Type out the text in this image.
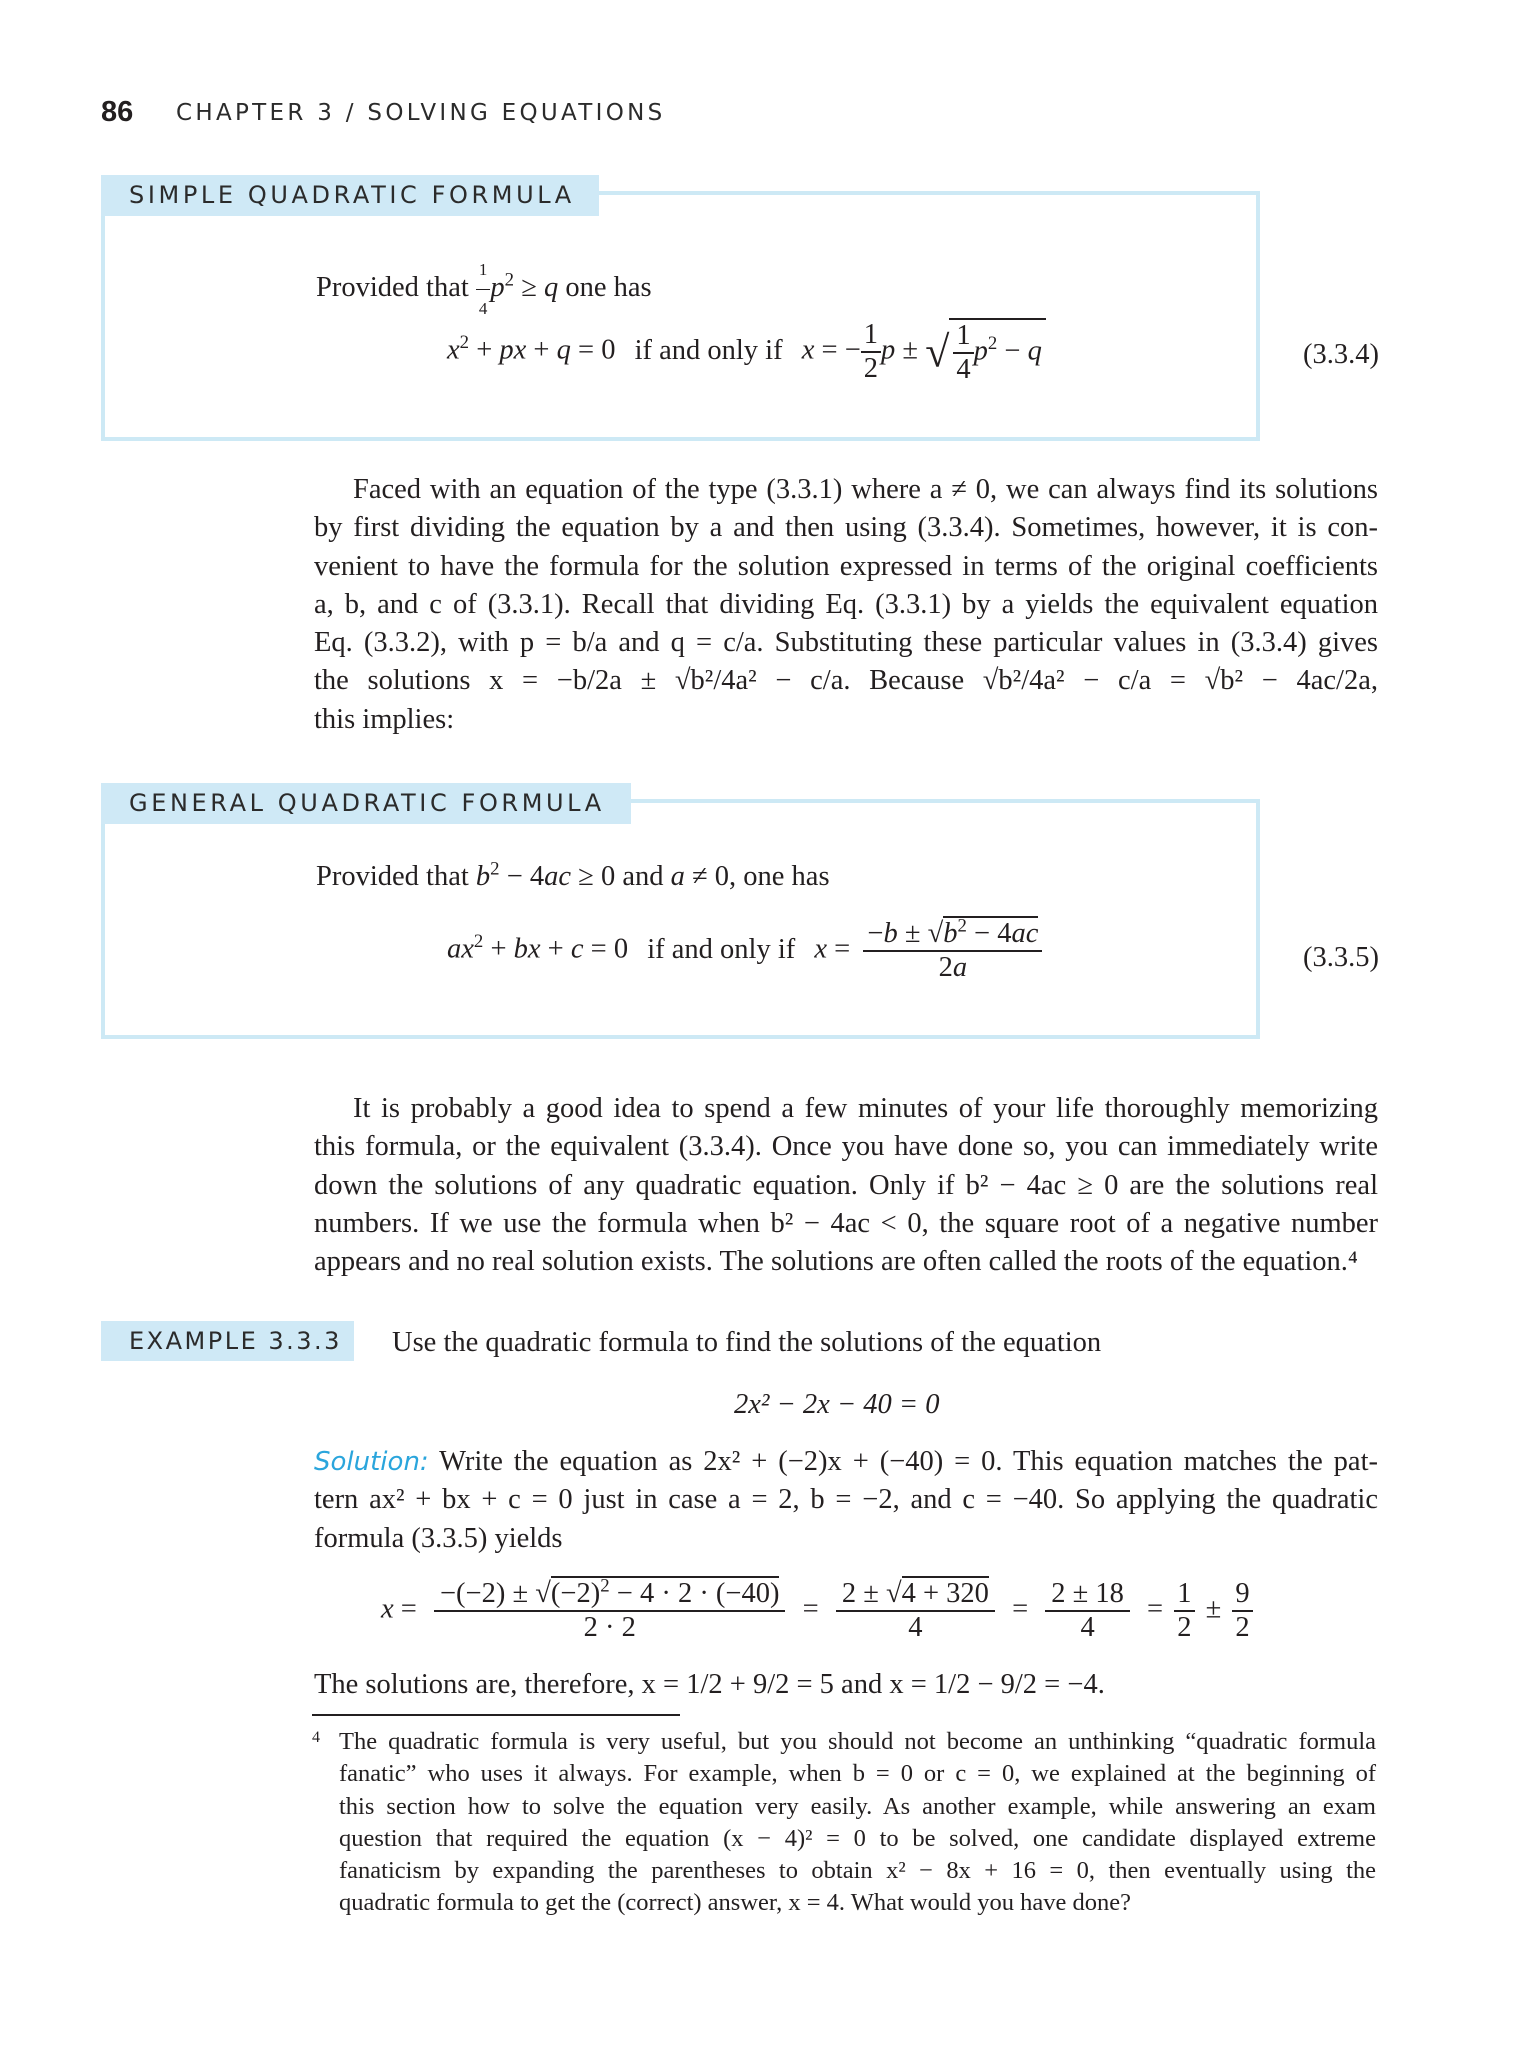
86 CHAPTER 3 / SOLVING EQUATIONS
SIMPLE QUADRATIC FORMULA
Provided that $\frac{1}{4} p^2 \ge q$ one has
$x^2$ + px + q = 0 if and only if x = − $\frac{1}{2}$ p ± √ $\frac{1}{4} p^2 - q$	(3.3.4)
Faced with an equation of the type (3.3.1) where a ≠ 0, we can always find its solutions
by first dividing the equation by a and then using (3.3.4). Sometimes, however, it is con-
venient to have the formula for the solution expressed in terms of the original coefficients
a, b, and c of (3.3.1). Recall that dividing Eq. (3.3.1) by a yields the equivalent equation
Eq. (3.3.2), with p = b/a and q = c/a. Substituting these particular values in (3.3.4) gives
the solutions x = −b/2a ± √b²/4a² − c/a. Because √b²/4a² − c/a = √b² − 4ac/2a,
this implies:
GENERAL QUADRATIC FORMULA
Provided that $b^2 - 4ac \ge 0$ and a ≠ 0, one has
$ax^2$ + bx + c = 0 if and only if $x = \frac{-b \pm √b^2 - 4ac}{2a}$	(3.3.5)
It is probably a good idea to spend a few minutes of your life thoroughly memorizing
this formula, or the equivalent (3.3.4). Once you have done so, you can immediately write
down the solutions of any quadratic equation. Only if b² − 4ac ≥ 0 are the solutions real
numbers. If we use the formula when b² − 4ac < 0, the square root of a negative number
appears and no real solution exists. The solutions are often called the roots of the equation.⁴
EXAMPLE 3.3.3	Use the quadratic formula to find the solutions of the equation
2x² − 2x − 40 = 0
Solution: Write the equation as 2x² + (−2)x + (−40) = 0. This equation matches the pat-
tern ax² + bx + c = 0 just in case a = 2, b = −2, and c = −40. So applying the quadratic
formula (3.3.5) yields
$x = \frac{-(-2) \pm √(-2)^2 - 4 \cdot 2 \cdot (-40)}{2 \cdot 2} = \frac{2 \pm √4 + 320}{4} = \frac{2 \pm 18}{4} = \frac{1}{2} \pm \frac{9}{2}$
The solutions are, therefore, x = 1/2 + 9/2 = 5 and x = 1/2 − 9/2 = −4.
4 The quadratic formula is very useful, but you should not become an unthinking “quadratic formula
fanatic” who uses it always. For example, when b = 0 or c = 0, we explained at the beginning of
this section how to solve the equation very easily. As another example, while answering an exam
question that required the equation (x − 4)² = 0 to be solved, one candidate displayed extreme
fanaticism by expanding the parentheses to obtain x² − 8x + 16 = 0, then eventually using the
quadratic formula to get the (correct) answer, x = 4. What would you have done?
